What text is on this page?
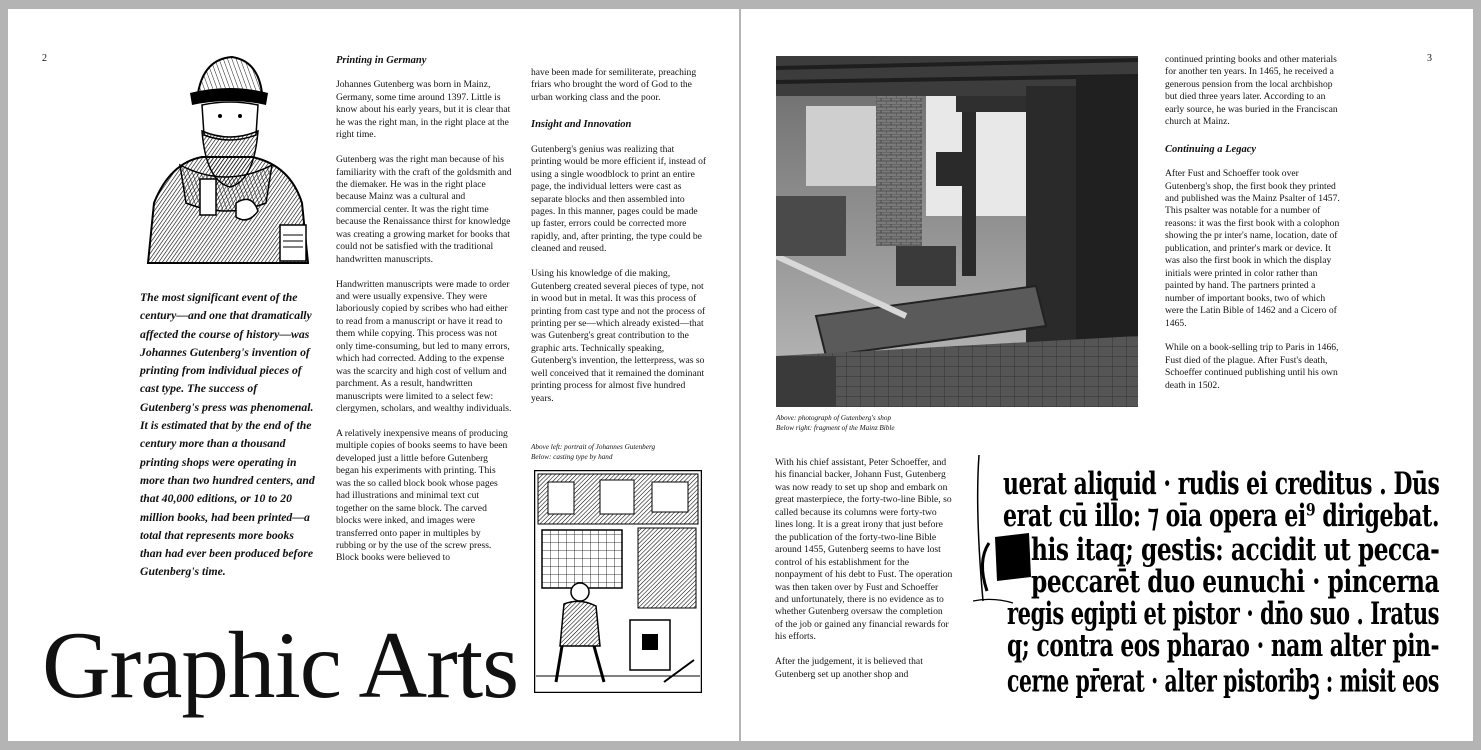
2
The most significant event of the century—and one that dramatically affected the course of history—was Johannes Gutenberg's invention of printing from individual pieces of cast type. The success of Gutenberg's press was phenomenal. It is estimated that by the end of the century more than a thousand printing shops were operating in more than two hundred centers, and that 40,000 editions, or 10 to 20 million books, had been printed—a total that represents more books than had ever been produced before Gutenberg's time.
Printing in Germany

Johannes Gutenberg was born in Mainz, Germany, some time around 1397. Little is know about his early years, but it is clear that he was the right man, in the right place at the right time.

Gutenberg was the right man because of his familiarity with the craft of the goldsmith and the diemaker. He was in the right place because Mainz was a cultural and commercial center. It was the right time because the Renaissance thirst for knowledge was creating a growing market for books that could not be satisfied with the traditional handwritten manuscripts.

Handwritten manuscripts were made to order and were usually expensive. They were laboriously copied by scribes who had either to read from a manuscript or have it read to them while copying. This process was not only time-consuming, but led to many errors, which had corrected. Adding to the expense was the scarcity and high cost of vellum and parchment. As a result, handwritten manuscripts were limited to a select few: clergymen, scholars, and wealthy individuals.

A relatively inexpensive means of producing multiple copies of books seems to have been developed just a little before Gutenberg began his experiments with printing. This was the so called block book whose pages had illustrations and minimal text cut together on the same block. The carved blocks were inked, and images were transferred onto paper in multiples by rubbing or by the use of the screw press. Block books were believed to

have been made for semiliterate, preaching friars who brought the word of God to the urban working class and the poor.

Insight and Innovation

Gutenberg's genius was realizing that printing would be more efficient if, instead of using a single woodblock to print an entire page, the individual letters were cast as separate blocks and then assembled into pages. In this manner, pages could be made up faster, errors could be corrected more rapidly, and, after printing, the type could be cleaned and reused.

Using his knowledge of die making, Gutenberg created several pieces of type, not in wood but in metal. It was this process of printing from cast type and not the process of printing per se—which already existed—that was Gutenberg's great contribution to the graphic arts. Technically speaking, Gutenberg's invention, the letterpress, was so well conceived that it remained the dominant printing process for almost five hundred years.

Above left: portrait of Johannes Gutenberg
Below: casting type by hand
Graphic Arts
3
Above: photograph of Gutenberg's shop
Below right: fragment of the Mainz Bible

continued printing books and other materials for another ten years. In 1465, he received a generous pension from the local archbishop but died three years later. According to an early source, he was buried in the Franciscan church at Mainz.

Continuing a Legacy

After Fust and Schoeffer took over Gutenberg's shop, the first book they printed and published was the Mainz Psalter of 1457. This psalter was notable for a number of reasons: it was the first book with a colophon showing the pr inter's name, location, date of publication, and printer's mark or device. It was also the first book in which the display initials were printed in color rather than painted by hand. The partners printed a number of important books, two of which were the Latin Bible of 1462 and a Cicero of 1465.

While on a book-selling trip to Paris in 1466, Fust died of the plague. After Fust's death, Schoeffer continued publishing until his own death in 1502.

With his chief assistant, Peter Schoeffer, and his financial backer, Johann Fust, Gutenberg was now ready to set up shop and embark on great masterpiece, the forty-two-line Bible, so called because its columns were forty-two lines long. It is a great irony that just before the publication of the forty-two-line Bible around 1455, Gutenberg seems to have lost control of his establishment for the nonpayment of his debt to Fust. The operation was then taken over by Fust and Schoeffer and unfortunately, there is no evidence as to whether Gutenberg oversaw the completion of the job or gained any financial rewards for his efforts.

After the judgement, it is believed that Gutenberg set up another shop and

uerat aliquid · rudis ei creditus . Dūs
erat cū illo: ⁊ oīa opera ei⁹ dirigebat.
his itaq; gestis: accidit ut pecca-
peccarēt duo eunuchi · pincerna
regis egipti et pistor · dn̄o suo . Iratus
q; contra eos pharao · nam alter pin-
cerne pr̄erat · alter pistoribꝫ : misit eos
